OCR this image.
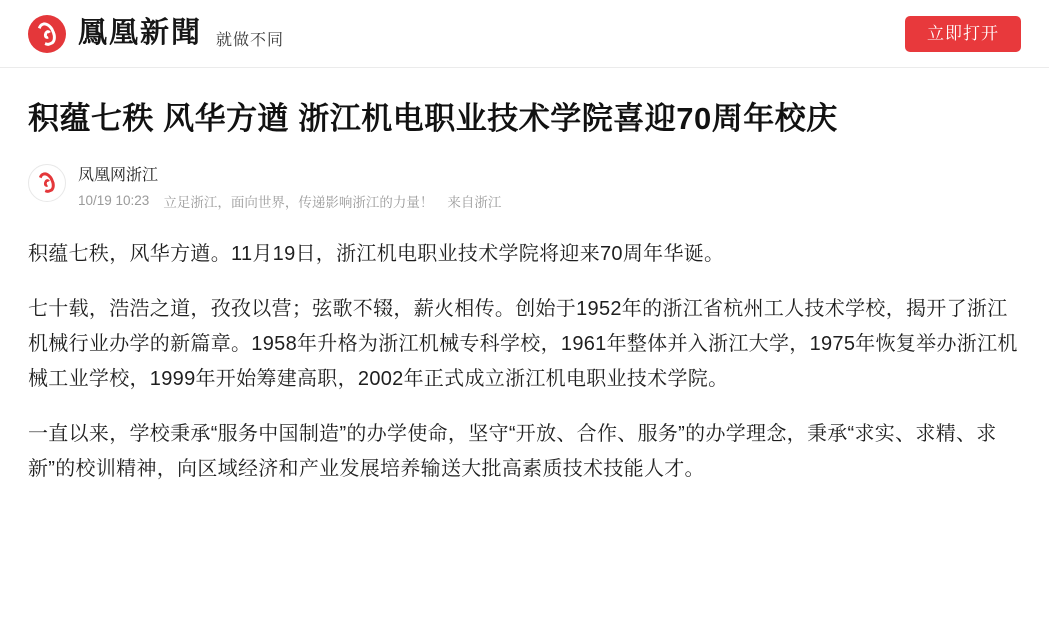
鳳凰新聞 就做不同	立即打开
积蕴七秩 风华方遒 浙江机电职业技术学院喜迎70周年校庆
凤凰网浙江
10/19 10:23 立足浙江，面向世界，传递影响浙江的力量！ 来自浙江

积蕴七秩，风华方遒。11月19日，浙江机电职业技术学院将迎来70周年华诞。

七十载，浩浩之道，孜孜以营；弦歌不辍，薪火相传。创始于1952年的浙江省杭州工人技术学校，揭开了浙江机械行业办学的新篇章。1958年升格为浙江机械专科学校，1961年整体并入浙江大学，1975年恢复举办浙江机械工业学校，1999年开始筹建高职，2002年正式成立浙江机电职业技术学院。

一直以来，学校秉承“服务中国制造”的办学使命，坚守“开放、合作、服务”的办学理念，秉承“求实、求精、求新”的校训精神，向区域经济和产业发展培养输送大批高素质技术技能人才。
